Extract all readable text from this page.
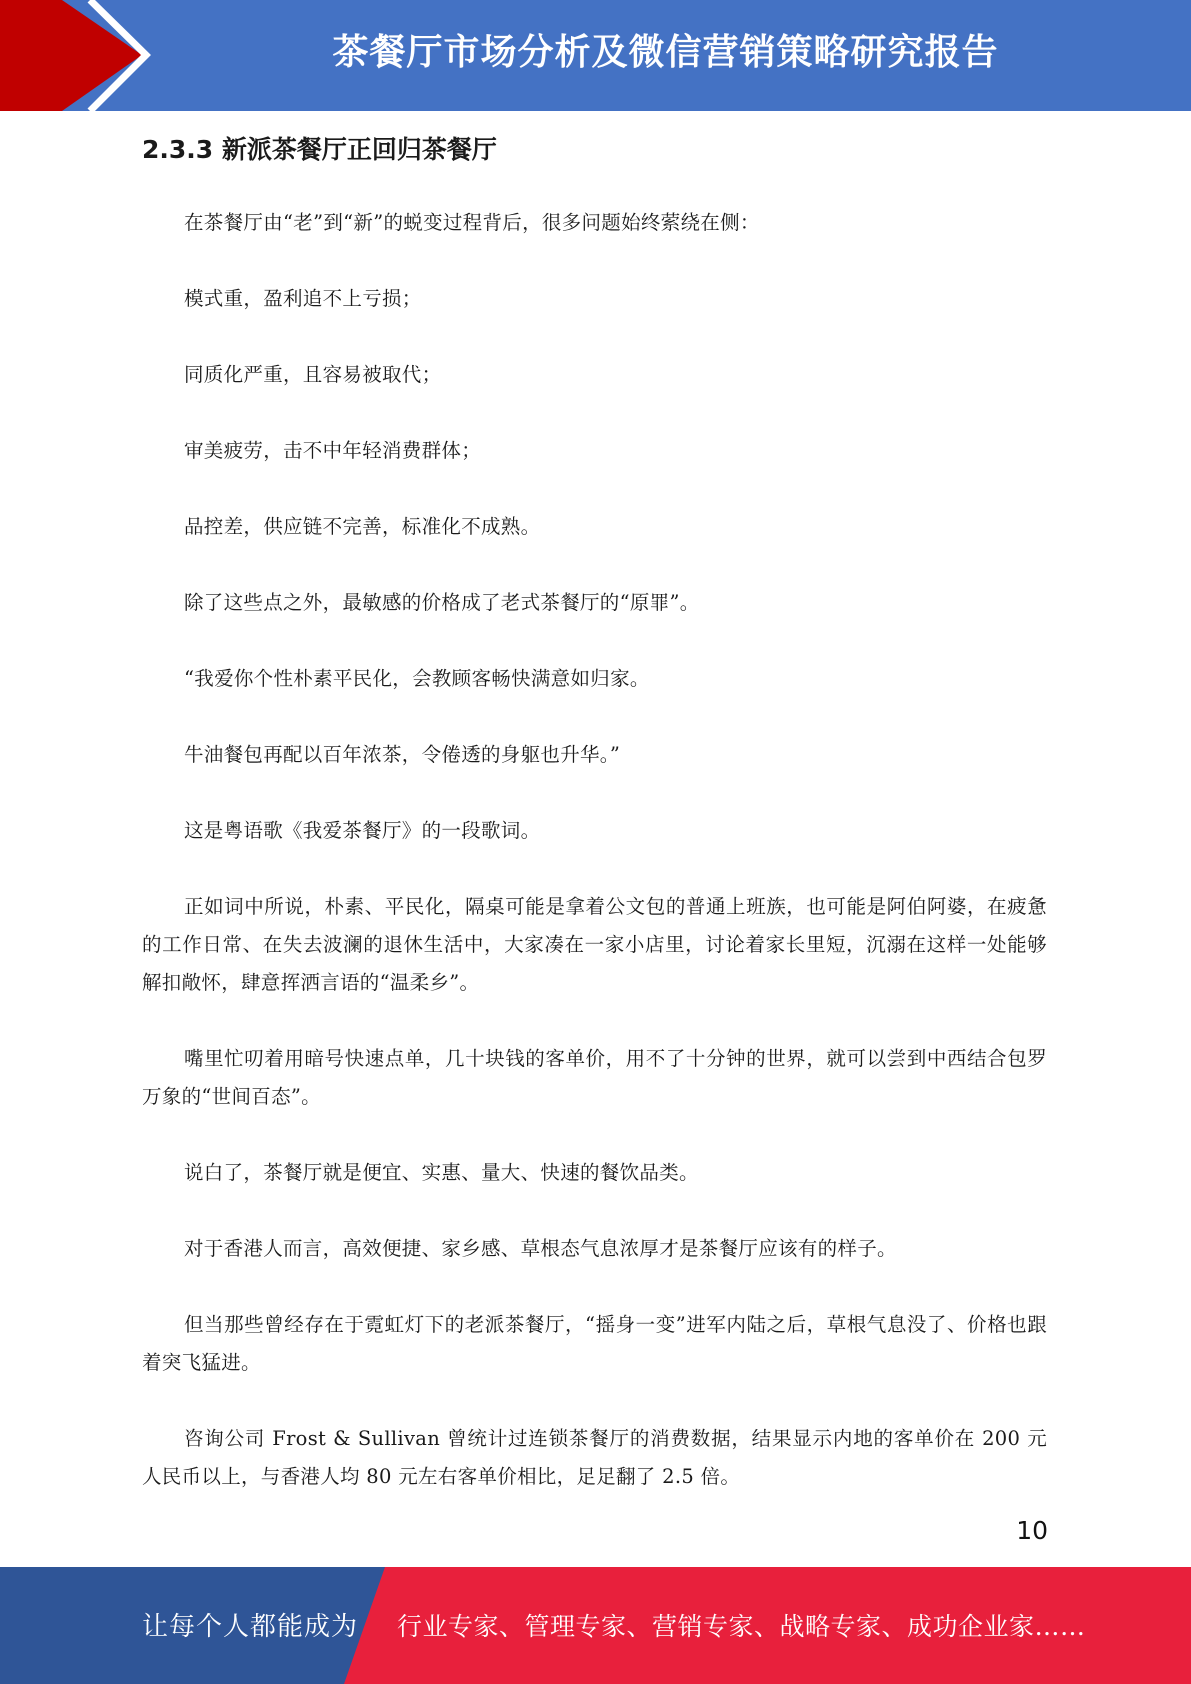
茶餐厅市场分析及微信营销策略研究报告
2.3.3 新派茶餐厅正回归茶餐厅

在茶餐厅由“老”到“新”的蜕变过程背后，很多问题始终萦绕在侧：

模式重，盈利追不上亏损；

同质化严重，且容易被取代；

审美疲劳，击不中年轻消费群体；

品控差，供应链不完善，标准化不成熟。

除了这些点之外，最敏感的价格成了老式茶餐厅的“原罪”。

“我爱你个性朴素平民化，会教顾客畅快满意如归家。

牛油餐包再配以百年浓茶，令倦透的身躯也升华。”

这是粤语歌《我爱茶餐厅》的一段歌词。

正如词中所说，朴素、平民化，隔桌可能是拿着公文包的普通上班族，也可能是阿伯阿婆，在疲惫的工作日常、在失去波澜的退休生活中，大家凑在一家小店里，讨论着家长里短，沉溺在这样一处能够解扣敞怀，肆意挥洒言语的“温柔乡”。

嘴里忙叨着用暗号快速点单，几十块钱的客单价，用不了十分钟的世界，就可以尝到中西结合包罗万象的“世间百态”。

说白了，茶餐厅就是便宜、实惠、量大、快速的餐饮品类。

对于香港人而言，高效便捷、家乡感、草根态气息浓厚才是茶餐厅应该有的样子。

但当那些曾经存在于霓虹灯下的老派茶餐厅，“摇身一变”进军内陆之后，草根气息没了、价格也跟着突飞猛进。

咨询公司 Frost & Sullivan 曾统计过连锁茶餐厅的消费数据，结果显示内地的客单价在 200 元人民币以上，与香港人均 80 元左右客单价相比，足足翻了 2.5 倍。

10
让每个人都能成为 行业专家、管理专家、营销专家、战略专家、成功企业家……
